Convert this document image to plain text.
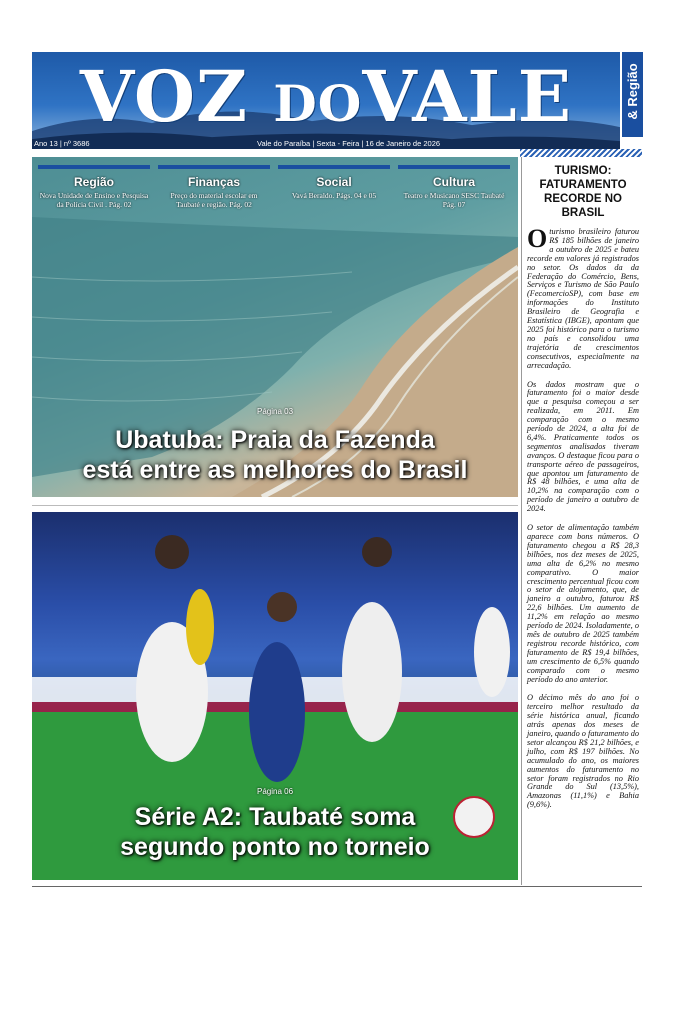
VOZ DOVALE	& Região
Ano 13 | nº 3686	Vale do Paraíba | Sexta - Feira | 16 de Janeiro de 2026
Região
Nova Unidade de Ensino e Pesquisa da Polícia Civil . Pág. 02
Finanças
Preço do material escolar em Taubaté e região. Pág. 02
Social
Vavá Beraldo. Págs. 04 e 05
Cultura
Teatro e Musicano SESC Taubaté Pág. 07
Página 03
Ubatuba: Praia da Fazenda
está entre as melhores do Brasil
Página 06
Série A2: Taubaté soma
segundo ponto no torneio
TURISMO: FATURAMENTO RECORDE NO BRASIL

Oturismo brasileiro faturou R$ 185 bilhões de janeiro a outubro de 2025 e bateu recorde em valores já registrados no setor. Os dados da da Federação do Comércio, Bens, Serviços e Turismo de São Paulo (FecomercioSP), com base em informações do Instituto Brasileiro de Geografia e Estatística (IBGE), apontam que 2025 foi histórico para o turismo no país e consolidou uma trajetória de crescimentos consecutivos, especialmente na arrecadação.

Os dados mostram que o faturamento foi o maior desde que a pesquisa começou a ser realizada, em 2011. Em comparação com o mesmo período de 2024, a alta foi de 6,4%. Praticamente todos os segmentos analisados tiveram avanços. O destaque ficou para o transporte aéreo de passageiros, que apontou um faturamento de R$ 48 bilhões, e uma alta de 10,2% na comparação com o período de janeiro a outubro de 2024.

O setor de alimentação também aparece com bons números. O faturamento chegou a R$ 28,3 bilhões, nos dez meses de 2025, uma alta de 6,2% no mesmo comparativo. O maior crescimento percentual ficou com o setor de alojamento, que, de janeiro a outubro, faturou R$ 22,6 bilhões. Um aumento de 11,2% em relação ao mesmo período de 2024. Isoladamente, o mês de outubro de 2025 também registrou recorde histórico, com faturamento de R$ 19,4 bilhões, um crescimento de 6,5% quando comparado com o mesmo período do ano anterior.

O décimo mês do ano foi o terceiro melhor resultado da série histórica anual, ficando atrás apenas dos meses de janeiro, quando o faturamento do setor alcançou R$ 21,2 bilhões, e julho, com R$ 197 bilhões. No acumulado do ano, os maiores aumentos do faturamento no setor foram registrados no Rio Grande do Sul (13,5%), Amazonas (11,1%) e Bahia (9,6%).
